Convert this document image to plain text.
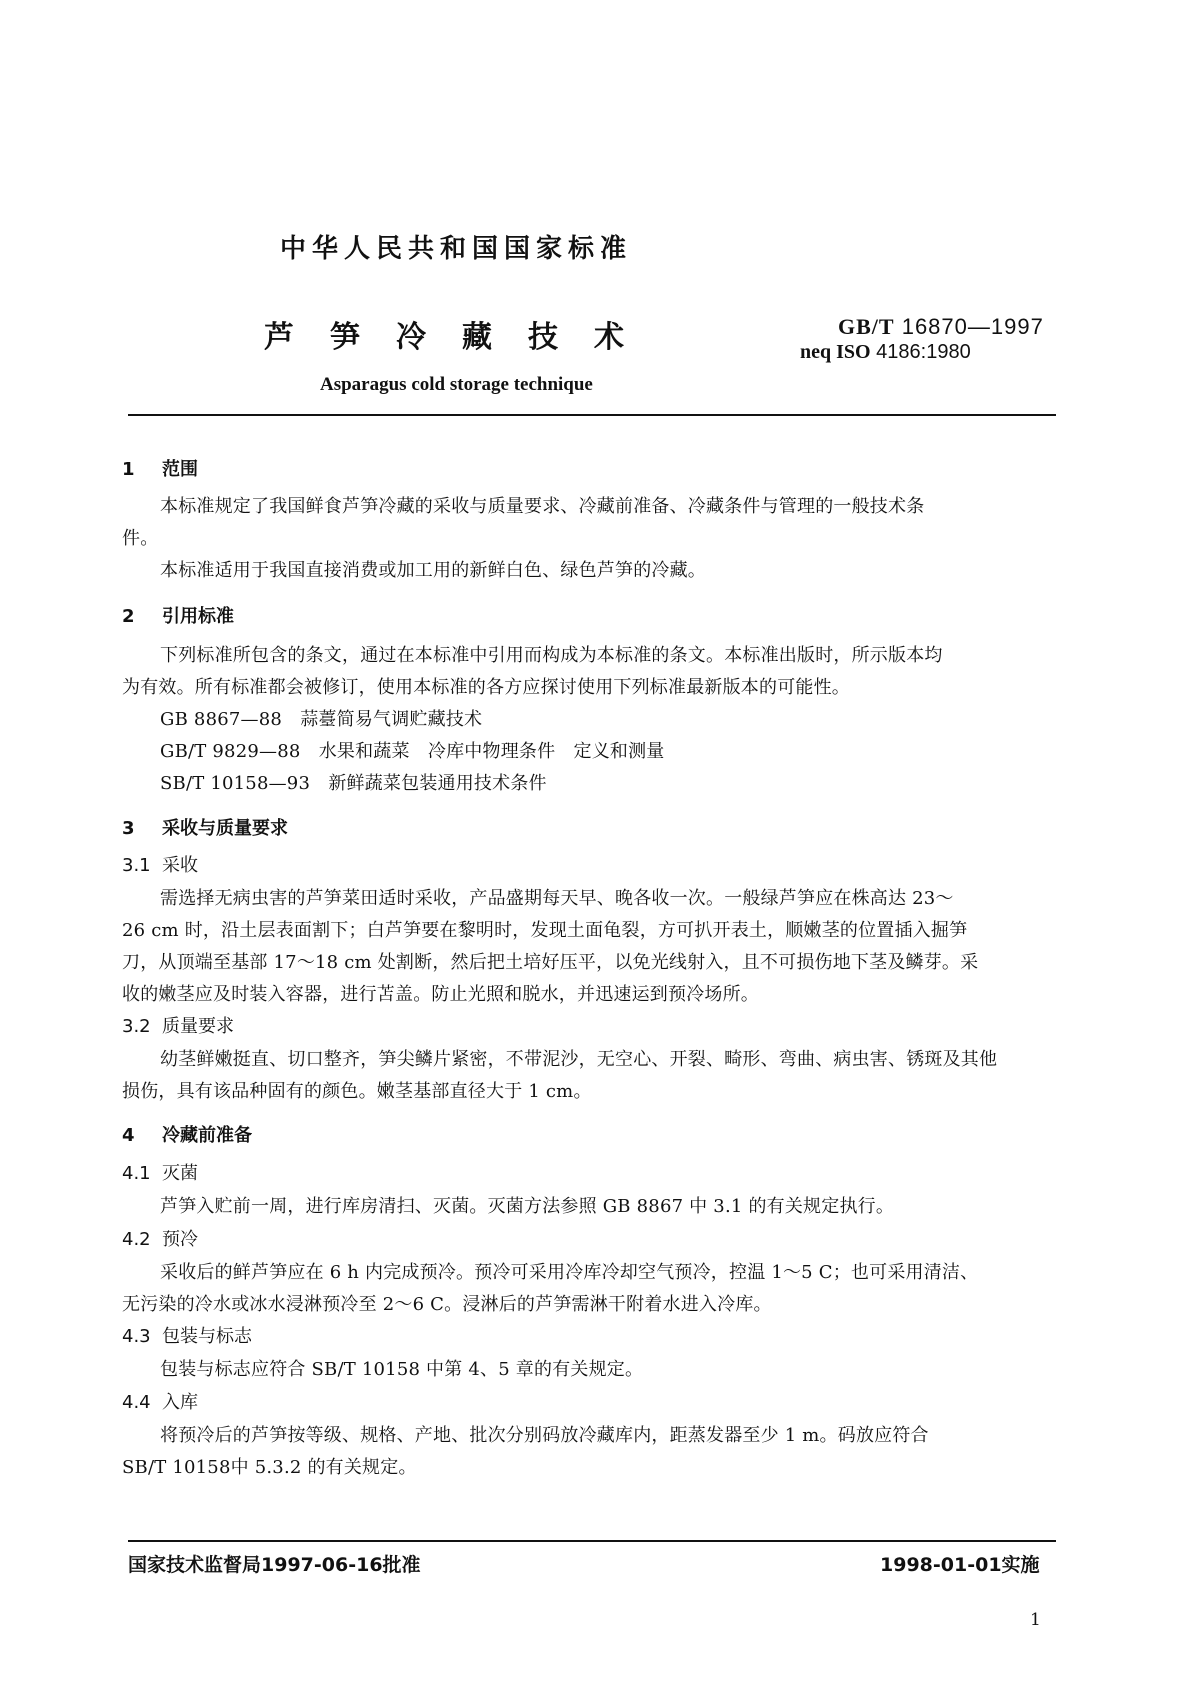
中华人民共和国国家标准
芦笋冷藏技术	GB/T 16870—1997
neq ISO 4186:1980
Asparagus cold storage technique
1 范围
本标准规定了我国鲜食芦笋冷藏的采收与质量要求、冷藏前准备、冷藏条件与管理的一般技术条
件。
本标准适用于我国直接消费或加工用的新鲜白色、绿色芦笋的冷藏。
2 引用标准
下列标准所包含的条文，通过在本标准中引用而构成为本标准的条文。本标准出版时，所示版本均
为有效。所有标准都会被修订，使用本标准的各方应探讨使用下列标准最新版本的可能性。
GB 8867—88　蒜薹简易气调贮藏技术
GB/T 9829—88　水果和蔬菜　冷库中物理条件　定义和测量
SB/T 10158—93　新鲜蔬菜包装通用技术条件
3 采收与质量要求
3.1 采收
需选择无病虫害的芦笋菜田适时采收，产品盛期每天早、晚各收一次。一般绿芦笋应在株高达 23～
26 cm 时，沿土层表面割下；白芦笋要在黎明时，发现土面龟裂，方可扒开表土，顺嫩茎的位置插入掘笋
刀，从顶端至基部 17～18 cm 处割断，然后把土培好压平，以免光线射入，且不可损伤地下茎及鳞芽。采
收的嫩茎应及时装入容器，进行苫盖。防止光照和脱水，并迅速运到预冷场所。
3.2 质量要求
幼茎鲜嫩挺直、切口整齐，笋尖鳞片紧密，不带泥沙，无空心、开裂、畸形、弯曲、病虫害、锈斑及其他
损伤，具有该品种固有的颜色。嫩茎基部直径大于 1 cm。
4 冷藏前准备
4.1 灭菌
芦笋入贮前一周，进行库房清扫、灭菌。灭菌方法参照 GB 8867 中 3.1 的有关规定执行。
4.2 预冷
采收后的鲜芦笋应在 6 h 内完成预冷。预冷可采用冷库冷却空气预冷，控温 1～5 C；也可采用清洁、
无污染的冷水或冰水浸淋预冷至 2～6 C。浸淋后的芦笋需淋干附着水进入冷库。
4.3 包装与标志
包装与标志应符合 SB/T 10158 中第 4、5 章的有关规定。
4.4 入库
将预冷后的芦笋按等级、规格、产地、批次分别码放冷藏库内，距蒸发器至少 1 m。码放应符合
SB/T 10158中 5.3.2 的有关规定。
国家技术监督局1997-06-16批准	1998-01-01实施
1
